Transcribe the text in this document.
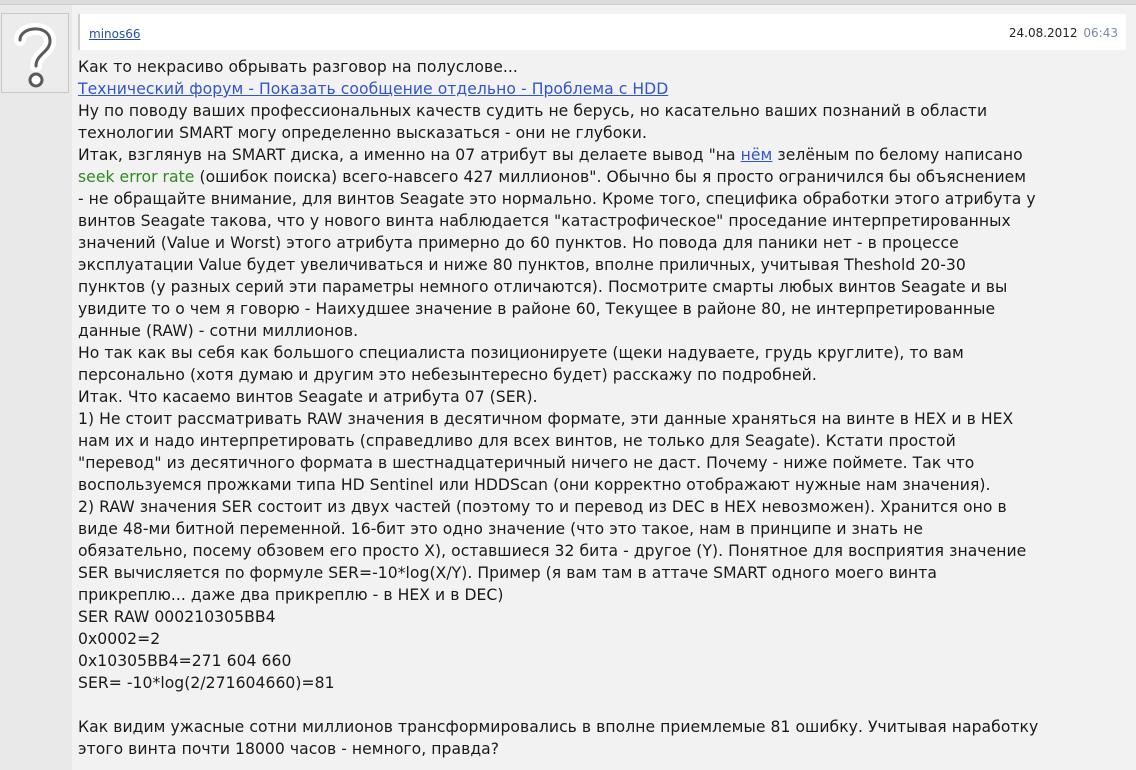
minos66	24.08.2012 06:43
Как то некрасиво обрывать разговор на полуслове...
Технический форум - Показать сообщение отдельно - Проблема с HDD
Ну по поводу ваших профессиональных качеств судить не берусь, но касательно ваших познаний в области
технологии SMART могу определенно высказаться - они не глубоки.
Итак, взглянув на SMART диска, а именно на 07 атрибут вы делаете вывод "на нём зелёным по белому написано
seek error rate (ошибок поиска) всего-навсего 427 миллионов". Обычно бы я просто ограничился бы объяснением
- не обращайте внимание, для винтов Seagate это нормально. Кроме того, специфика обработки этого атрибута у
винтов Seagate такова, что у нового винта наблюдается "катастрофическое" проседание интерпретированных
значений (Value и Worst) этого атрибута примерно до 60 пунктов. Но повода для паники нет - в процессе
эксплуатации Value будет увеличиваться и ниже 80 пунктов, вполне приличных, учитывая Theshold 20-30
пунктов (у разных серий эти параметры немного отличаются). Посмотрите смарты любых винтов Seagate и вы
увидите то о чем я говорю - Наихудшее значение в районе 60, Текущее в районе 80, не интерпретированные
данные (RAW) - сотни миллионов.
Но так как вы себя как большого специалиста позиционируете (щеки надуваете, грудь круглите), то вам
персонально (хотя думаю и другим это небезынтересно будет) расскажу по подробней.
Итак. Что касаемо винтов Seagate и атрибута 07 (SER).
1) Не стоит рассматривать RAW значения в десятичном формате, эти данные храняться на винте в HEX и в HEX
нам их и надо интерпретировать (справедливо для всех винтов, не только для Seagate). Кстати простой
"перевод" из десятичного формата в шестнадцатеричный ничего не даст. Почему - ниже поймете. Так что
воспользуемся прожками типа HD Sentinel или HDDScan (они корректно отображают нужные нам значения).
2) RAW значения SER состоит из двух частей (поэтому то и перевод из DEC в HEX невозможен). Хранится оно в
виде 48-ми битной переменной. 16-бит это одно значение (что это такое, нам в принципе и знать не
обязательно, посему обзовем его просто X), оставшиеся 32 бита - другое (Y). Понятное для восприятия значение
SER вычисляется по формуле SER=-10*log(X/Y). Пример (я вам там в аттаче SMART одного моего винта
прикреплю... даже два прикреплю - в HEX и в DEC)
SER RAW 000210305BB4
0x0002=2
0x10305BB4=271 604 660
SER= -10*log(2/271604660)=81
Как видим ужасные сотни миллионов трансформировались в вполне приемлемые 81 ошибку. Учитывая наработку
этого винта почти 18000 часов - немного, правда?
